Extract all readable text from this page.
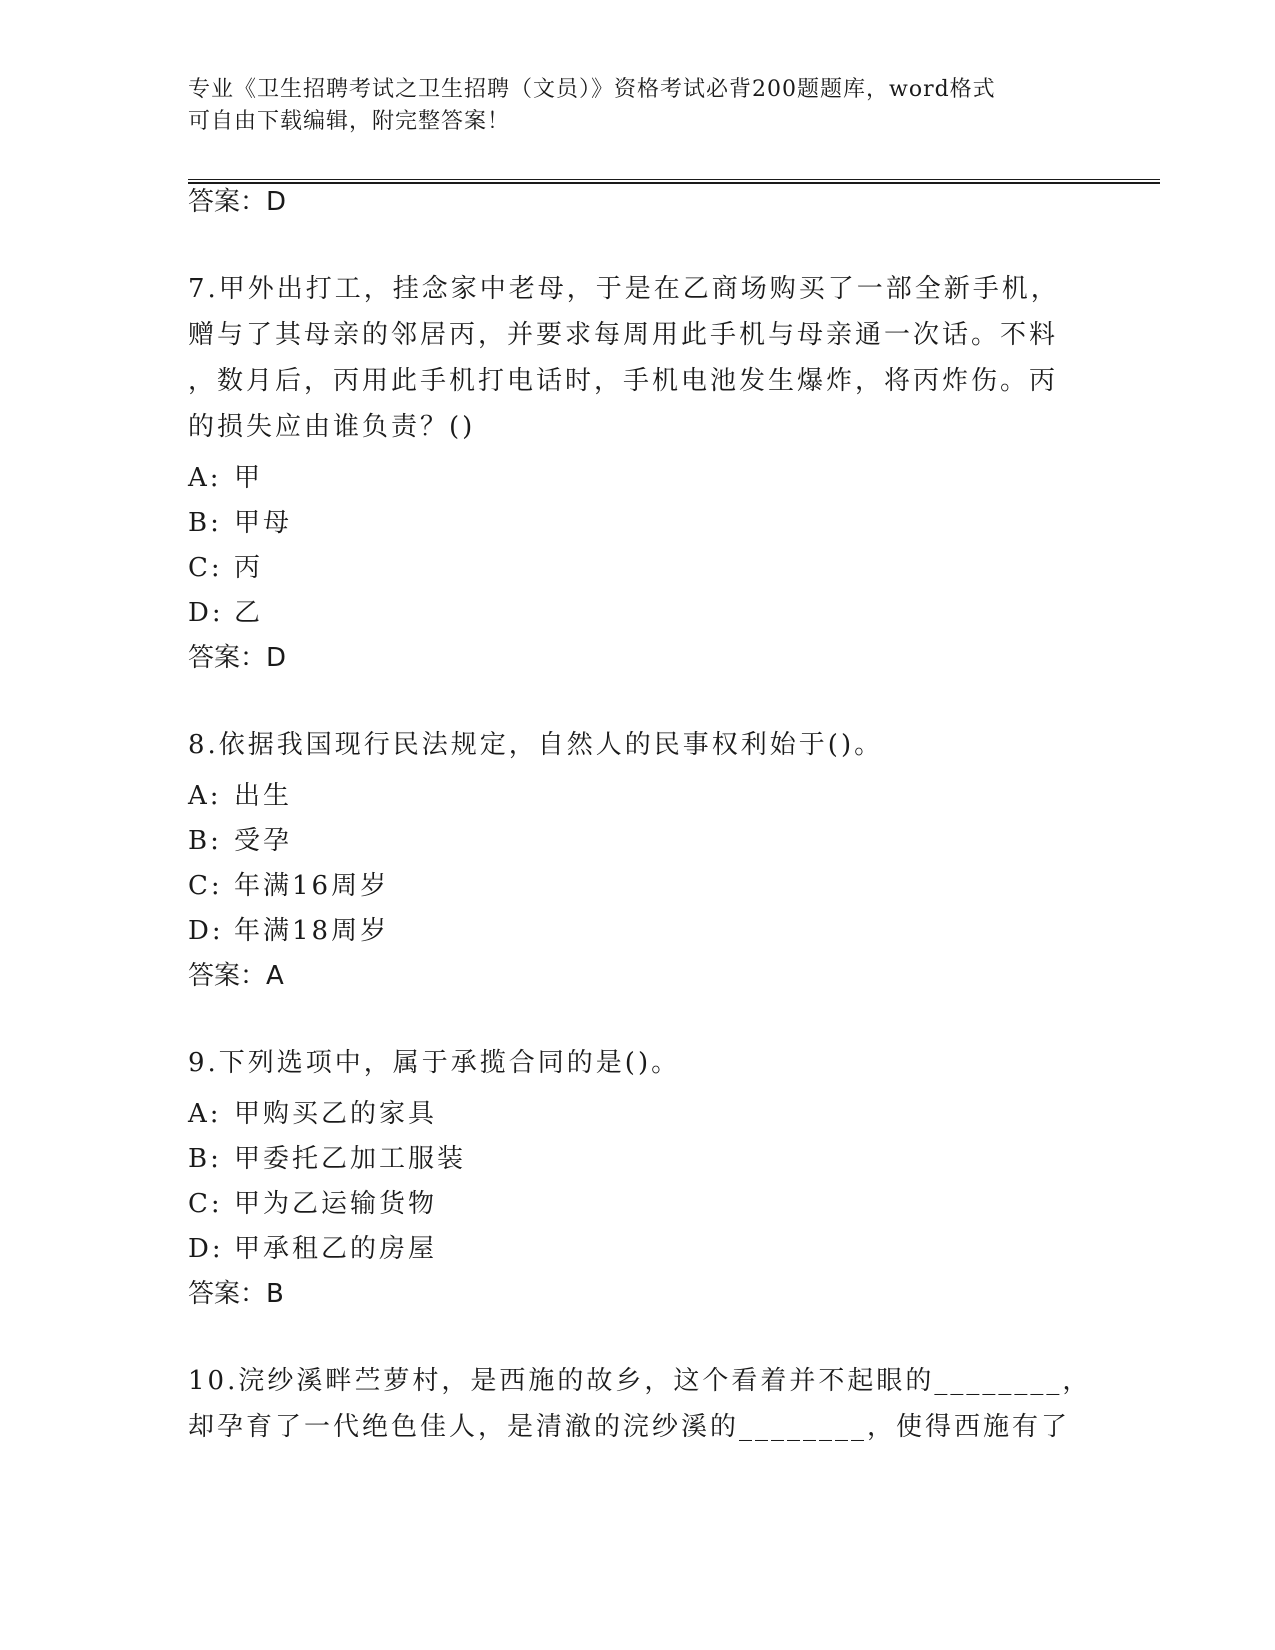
专业《卫生招聘考试之卫生招聘（文员）》资格考试必背200题题库，word格式
可自由下载编辑，附完整答案！
答案：D
7.甲外出打工，挂念家中老母，于是在乙商场购买了一部全新手机，
赠与了其母亲的邻居丙，并要求每周用此手机与母亲通一次话。不料
，数月后，丙用此手机打电话时，手机电池发生爆炸，将丙炸伤。丙
的损失应由谁负责？()
A: 甲
B: 甲母
C: 丙
D: 乙
答案：D
8.依据我国现行民法规定，自然人的民事权利始于()。
A: 出生
B: 受孕
C: 年满16周岁
D: 年满18周岁
答案：A
9.下列选项中，属于承揽合同的是()。
A: 甲购买乙的家具
B: 甲委托乙加工服装
C: 甲为乙运输货物
D: 甲承租乙的房屋
答案：B
10.浣纱溪畔苎萝村，是西施的故乡，这个看着并不起眼的________，
却孕育了一代绝色佳人，是清澈的浣纱溪的________，使得西施有了
